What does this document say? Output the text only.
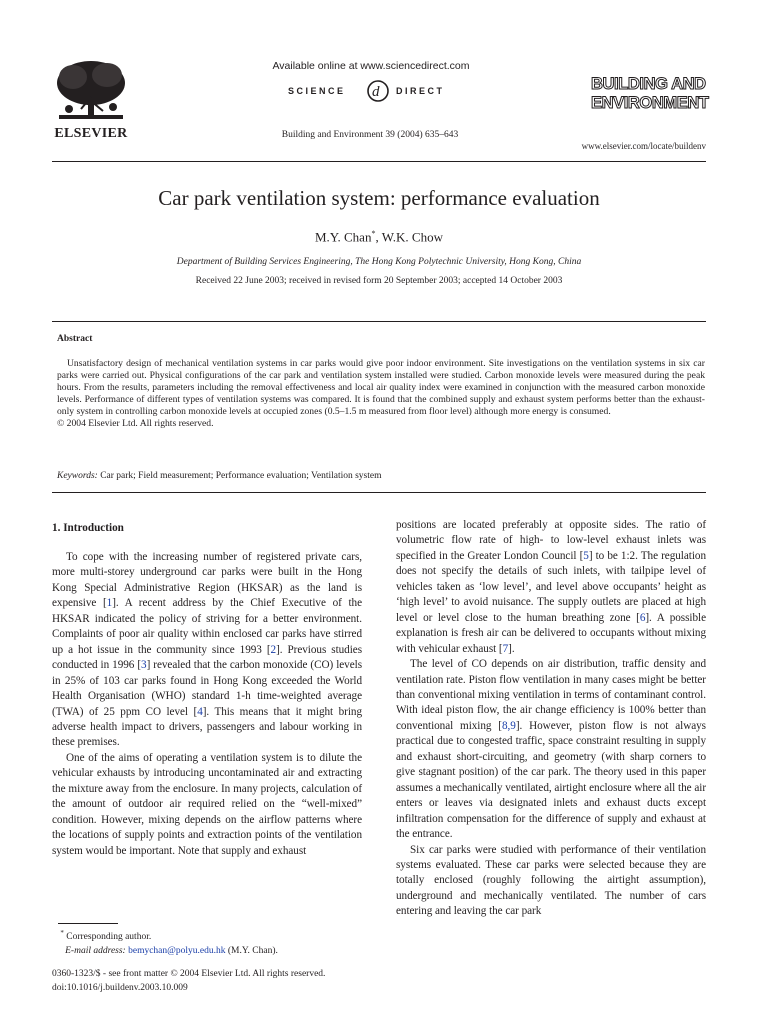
ELSEVIER
Available online at www.sciencedirect.com
SCIENCE d DIRECT
Building and Environment 39 (2004) 635–643
BUILDING AND
ENVIRONMENT
www.elsevier.com/locate/buildenv
Car park ventilation system: performance evaluation
M.Y. Chan*, W.K. Chow
Department of Building Services Engineering, The Hong Kong Polytechnic University, Hong Kong, China
Received 22 June 2003; received in revised form 20 September 2003; accepted 14 October 2003
Abstract

Unsatisfactory design of mechanical ventilation systems in car parks would give poor indoor environment. Site investigations on the ventilation systems in six car parks were carried out. Physical configurations of the car park and ventilation system installed were studied. Carbon monoxide levels were measured during the peak hours. From the results, parameters including the removal effectiveness and local air quality index were examined in conjunction with the measured carbon monoxide levels. Performance of different types of ventilation systems was compared. It is found that the combined supply and exhaust system performs better than the exhaust-only system in controlling carbon monoxide levels at occupied zones (0.5–1.5 m measured from floor level) although more energy is consumed.

© 2004 Elsevier Ltd. All rights reserved.

Keywords: Car park; Field measurement; Performance evaluation; Ventilation system
1. Introduction

To cope with the increasing number of registered private cars, more multi-storey underground car parks were built in the Hong Kong Special Administrative Region (HKSAR) as the land is expensive [1]. A recent address by the Chief Executive of the HKSAR indicated the policy of striving for a better environment. Complaints of poor air quality within enclosed car parks have stirred up a hot issue in the community since 1993 [2]. Previous studies conducted in 1996 [3] revealed that the carbon monoxide (CO) levels in 25% of 103 car parks found in Hong Kong exceeded the World Health Organisation (WHO) standard 1-h time-weighted average (TWA) of 25 ppm CO level [4]. This means that it might bring adverse health impact to drivers, passengers and labour working in these premises.

One of the aims of operating a ventilation system is to dilute the vehicular exhausts by introducing uncontaminated air and extracting the mixture away from the enclosure. In many projects, calculation of the amount of outdoor air required relied on the “well-mixed” condition. However, mixing depends on the airflow patterns where the locations of supply points and extraction points of the ventilation system would be important. Note that supply and exhaust

positions are located preferably at opposite sides. The ratio of volumetric flow rate of high- to low-level exhaust inlets was specified in the Greater London Council [5] to be 1:2. The regulation does not specify the details of such inlets, with tailpipe level of vehicles taken as ‘low level’, and level above occupants’ height as ‘high level’ to avoid nuisance. The supply outlets are placed at high level or level close to the human breathing zone [6]. A possible explanation is fresh air can be delivered to occupants without mixing with vehicular exhaust [7].

The level of CO depends on air distribution, traffic density and ventilation rate. Piston flow ventilation in many cases might be better than conventional mixing ventilation in terms of contaminant control. With ideal piston flow, the air change efficiency is 100% better than conventional mixing [8,9]. However, piston flow is not always practical due to congested traffic, space constraint resulting in supply and exhaust short-circuiting, and geometry (with sharp corners to give stagnant position) of the car park. The theory used in this paper assumes a mechanically ventilated, airtight enclosure where all the air enters or leaves via designated inlets and exhaust ducts except infiltration compensation for the difference of supply and exhaust at the entrance.

Six car parks were studied with performance of their ventilation systems evaluated. These car parks were selected because they are totally enclosed (roughly following the airtight assumption), underground and mechanically ventilated. The number of cars entering and leaving the car park

* Corresponding author.
E-mail address: bemychan@polyu.edu.hk (M.Y. Chan).
0360-1323/$ - see front matter © 2004 Elsevier Ltd. All rights reserved.
doi:10.1016/j.buildenv.2003.10.009
